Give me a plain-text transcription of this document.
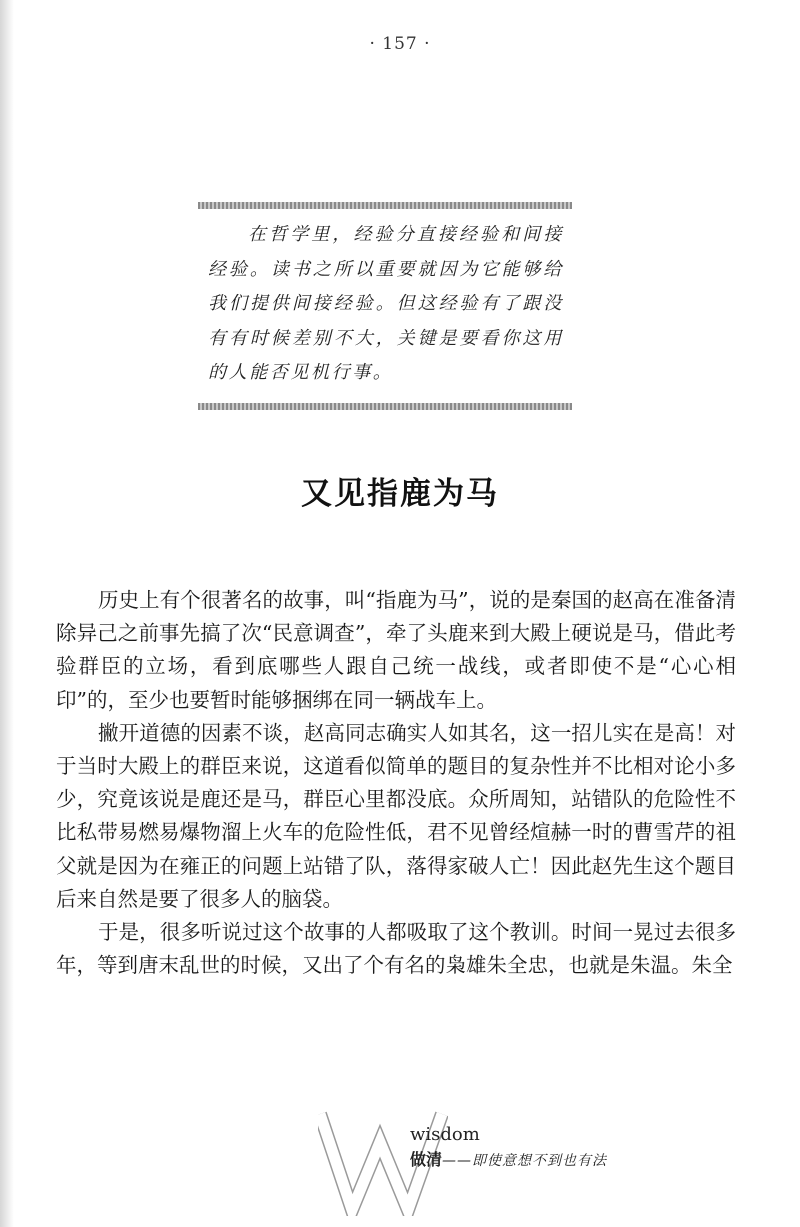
· 157 ·
在哲学里，经验分直接经验和间接经验。读书之所以重要就因为它能够给我们提供间接经验。但这经验有了跟没有有时候差别不大，关键是要看你这用的人能否见机行事。
又见指鹿为马

历史上有个很著名的故事，叫“指鹿为马”，说的是秦国的赵高在准备清除异己之前事先搞了次“民意调查”，牵了头鹿来到大殿上硬说是马，借此考验群臣的立场，看到底哪些人跟自己统一战线，或者即使不是“心心相印”的，至少也要暂时能够捆绑在同一辆战车上。

撇开道德的因素不谈，赵高同志确实人如其名，这一招儿实在是高！对于当时大殿上的群臣来说，这道看似简单的题目的复杂性并不比相对论小多少，究竟该说是鹿还是马，群臣心里都没底。众所周知，站错队的危险性不比私带易燃易爆物溜上火车的危险性低，君不见曾经煊赫一时的曹雪芹的祖父就是因为在雍正的问题上站错了队，落得家破人亡！因此赵先生这个题目后来自然是要了很多人的脑袋。

于是，很多听说过这个故事的人都吸取了这个教训。时间一晃过去很多年，等到唐末乱世的时候，又出了个有名的枭雄朱全忠，也就是朱温。朱全

wisdom
做清——即使意想不到也有法
